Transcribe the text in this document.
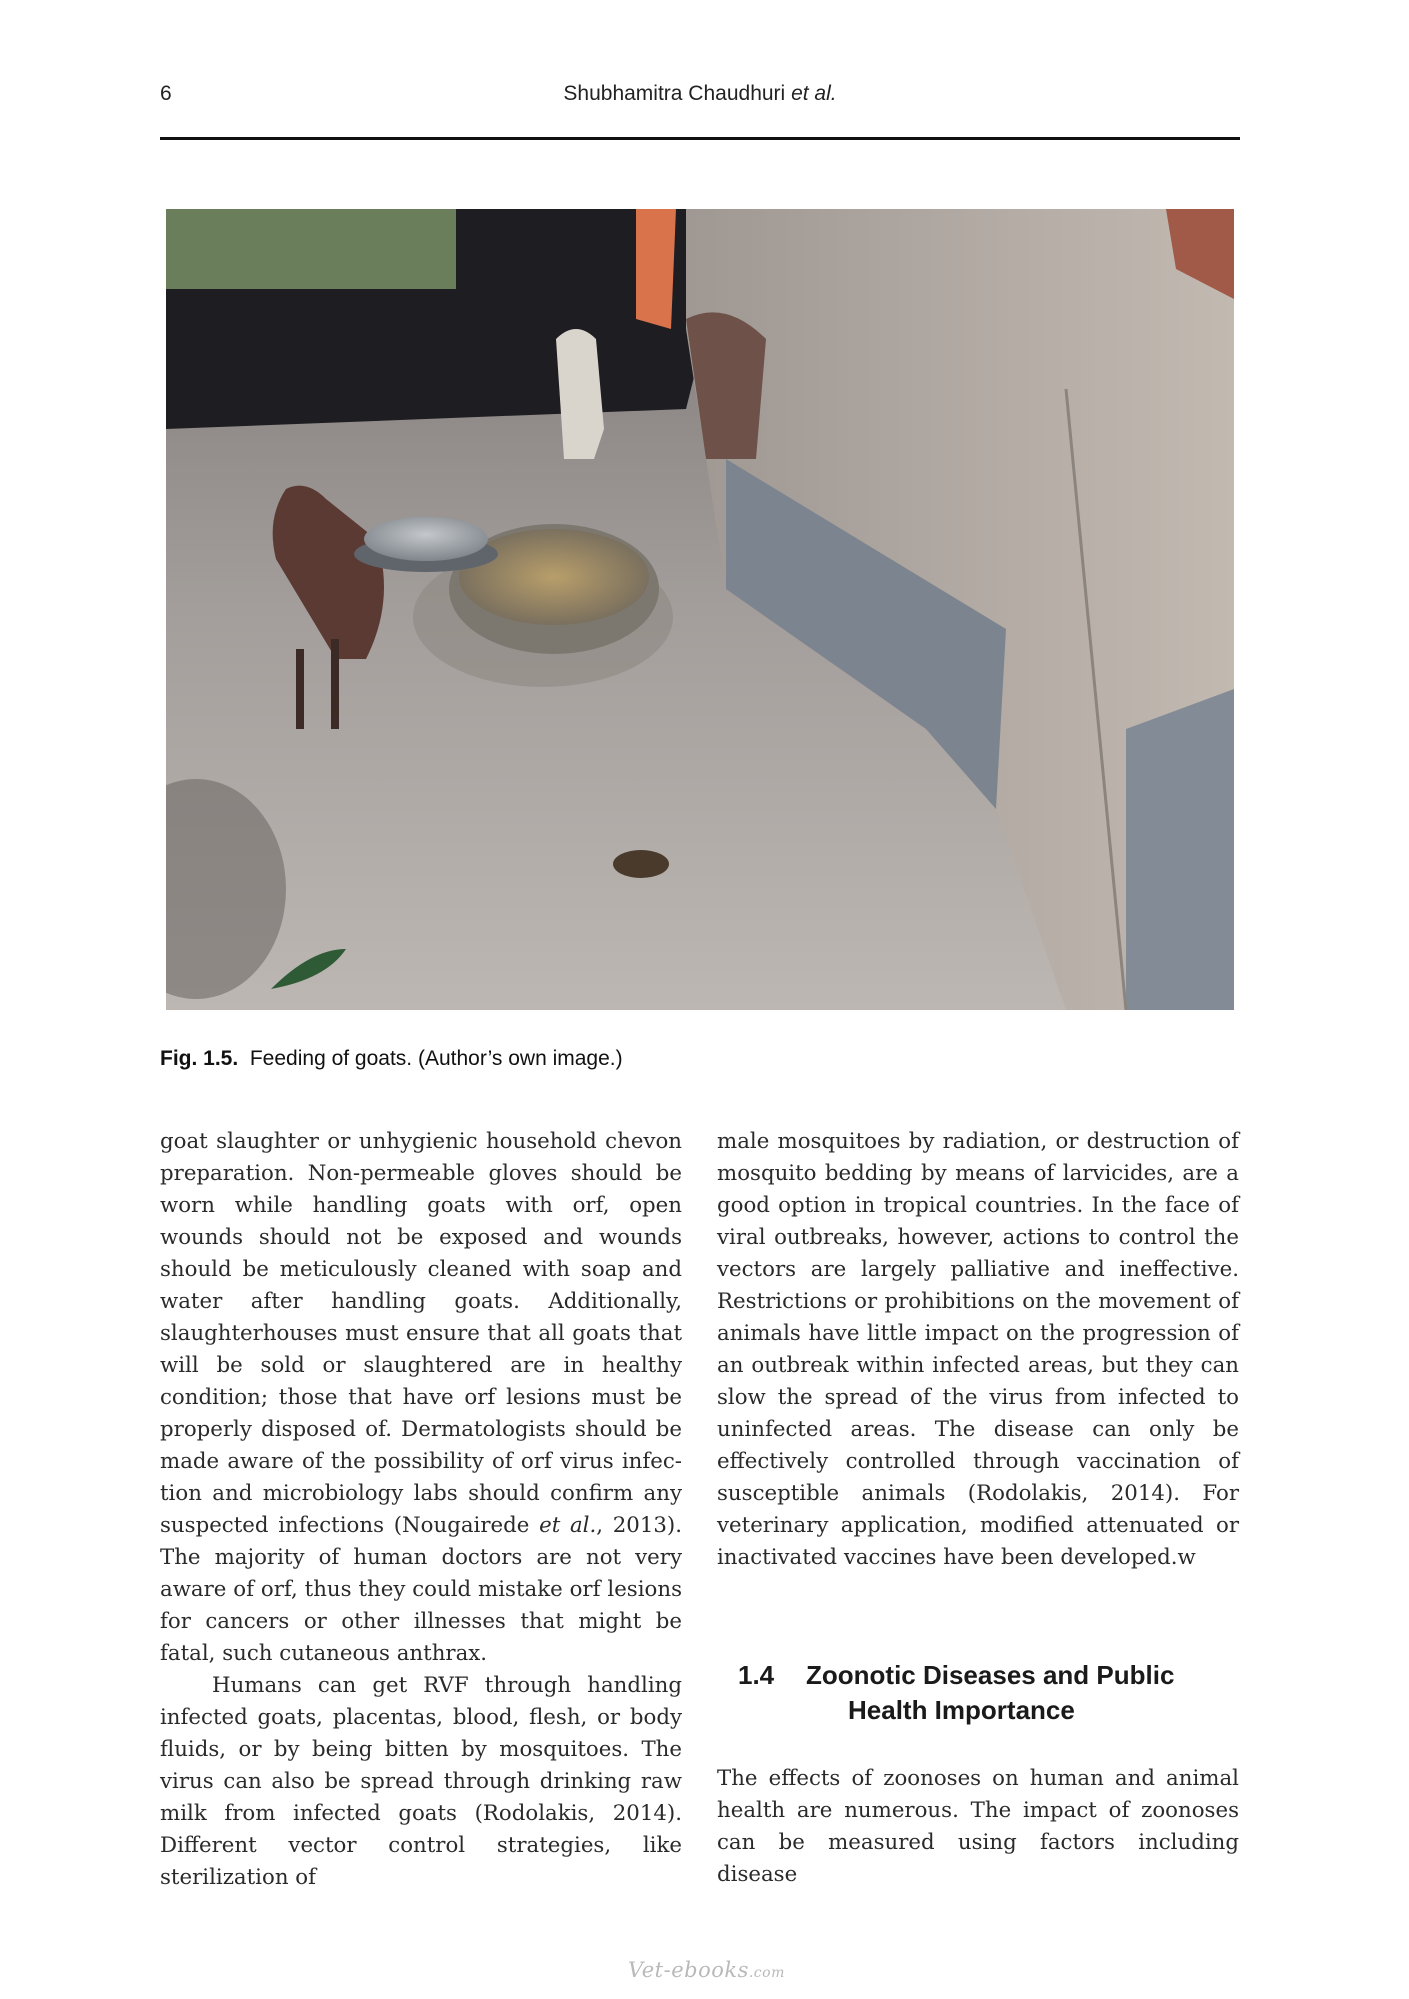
6	Shubhamitra Chaudhuri et al.
Fig. 1.5. Feeding of goats. (Author’s own image.)

goat slaughter or unhygienic household chevon preparation. Non-permeable gloves should be worn while handling goats with orf, open wounds should not be exposed and wounds should be meticulously cleaned with soap and water after handling goats. Additionally, slaughterhouses must ensure that all goats that will be sold or slaughtered are in healthy condition; those that have orf lesions must be properly disposed of. Dermatologists should be made aware of the possibility of orf virus infec- tion and microbiology labs should confirm any suspected infections (Nougairede et al., 2013). The majority of human doctors are not very aware of orf, thus they could mistake orf lesions for cancers or other illnesses that might be fatal, such cutaneous anthrax.

Humans can get RVF through handling infected goats, placentas, blood, flesh, or body fluids, or by being bitten by mosquitoes. The virus can also be spread through drinking raw milk from infected goats (Rodolakis, 2014). Different vector control strategies, like sterilization of

male mosquitoes by radiation, or destruction of mosquito bedding by means of larvicides, are a good option in tropical countries. In the face of viral outbreaks, however, actions to control the vectors are largely palliative and ineffective. Restrictions or prohibitions on the movement of animals have little impact on the progression of an outbreak within infected areas, but they can slow the spread of the virus from infected to uninfected areas. The disease can only be effectively controlled through vaccination of susceptible animals (Rodolakis, 2014). For veterinary application, modified attenuated or inactivated vaccines have been developed.w

1.4 Zoonotic Diseases and Public
Health Importance

The effects of zoonoses on human and animal health are numerous. The impact of zoonoses can be measured using factors including disease

Vet-ebooks.com
